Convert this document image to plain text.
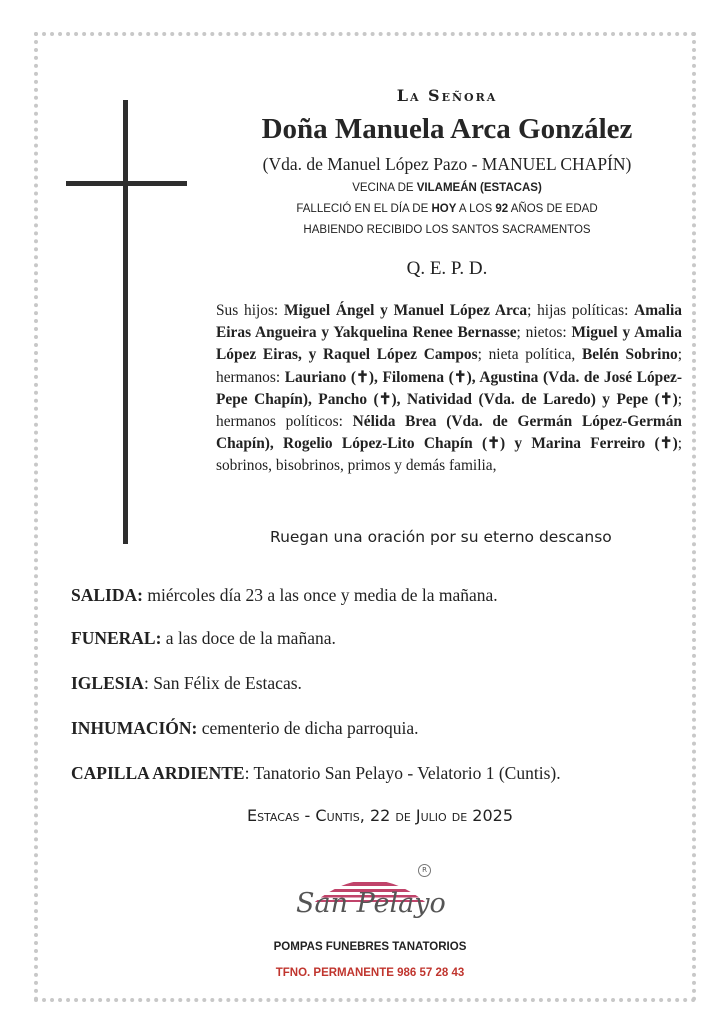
La Señora
Doña Manuela Arca González
(Vda. de Manuel López Pazo - MANUEL CHAPÍN)
VECINA DE VILAMEÁN (ESTACAS)
FALLECIÓ EN EL DÍA DE HOY A LOS 92 AÑOS DE EDAD
HABIENDO RECIBIDO LOS SANTOS SACRAMENTOS
Q. E. P. D.
Sus hijos: Miguel Ángel y Manuel López Arca; hijas políticas: Amalia Eiras Angueira y Yakquelina Renee Bernasse; nietos: Miguel y Amalia López Eiras, y Raquel López Campos; nieta política, Belén Sobrino; hermanos: Lauriano (✝), Filomena (✝), Agustina (Vda. de José López- Pepe Chapín), Pancho (✝), Natividad (Vda. de Laredo) y Pepe (✝); hermanos políticos: Nélida Brea (Vda. de Germán López-Germán Chapín), Rogelio López-Lito Chapín (✝) y Marina Ferreiro (✝); sobrinos, bisobrinos, primos y demás familia,
Ruegan una oración por su eterno descanso
SALIDA: miércoles día 23 a las once y media de la mañana.
FUNERAL: a las doce de la mañana.
IGLESIA: San Félix de Estacas.
INHUMACIÓN: cementerio de dicha parroquia.
CAPILLA ARDIENTE: Tanatorio San Pelayo - Velatorio 1 (Cuntis).
Estacas - Cuntis, 22 de Julio de 2025
San Pelayo
R
POMPAS FUNEBRES TANATORIOS
TFNO. PERMANENTE 986 57 28 43
